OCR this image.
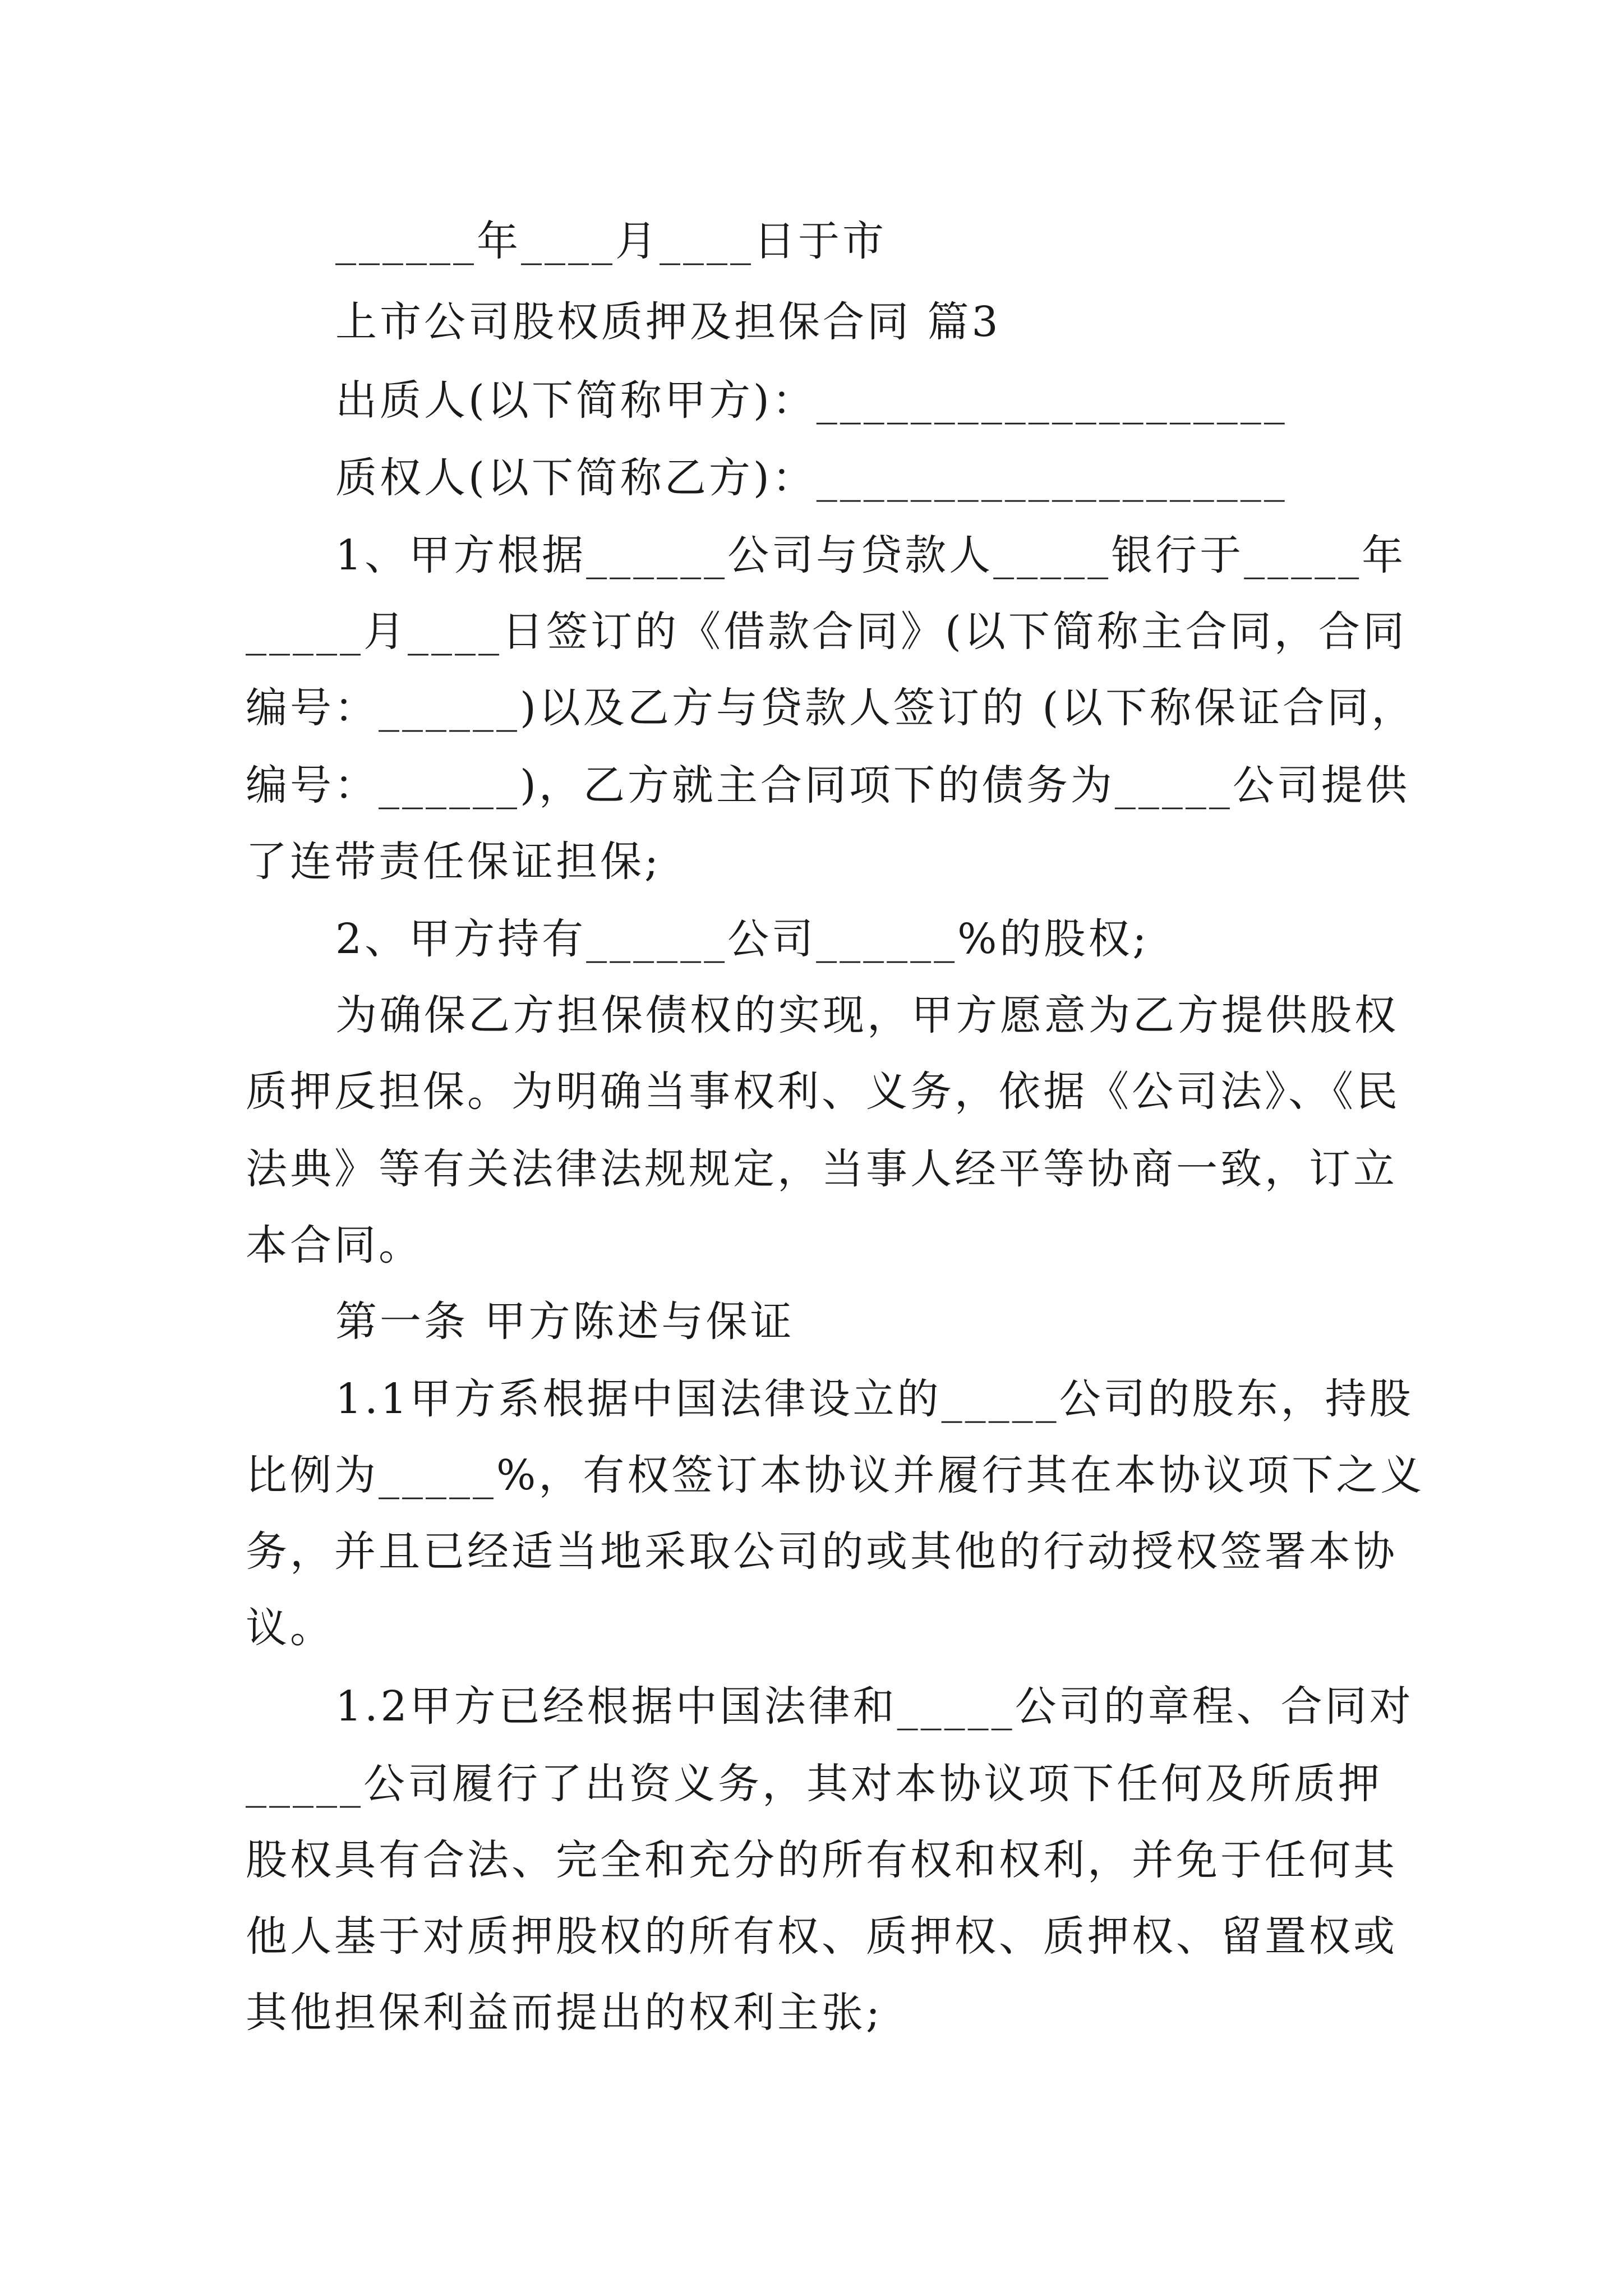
______年____月____日于市
上市公司股权质押及担保合同 篇3
出质人(以下简称甲方)：____________________
质权人(以下简称乙方)：____________________
1、甲方根据______公司与贷款人_____银行于_____年
_____月____日签订的《借款合同》(以下简称主合同，合同
编号：______)以及乙方与贷款人签订的 (以下称保证合同，
编号：______)，乙方就主合同项下的债务为_____公司提供
了连带责任保证担保;
2、甲方持有______公司______%的股权;
为确保乙方担保债权的实现，甲方愿意为乙方提供股权
质押反担保。为明确当事权利、义务，依据《公司法》、《民
法典》等有关法律法规规定，当事人经平等协商一致，订立
本合同。
第一条 甲方陈述与保证
1.1甲方系根据中国法律设立的_____公司的股东，持股
比例为_____%，有权签订本协议并履行其在本协议项下之义
务，并且已经适当地采取公司的或其他的行动授权签署本协
议。
1.2甲方已经根据中国法律和_____公司的章程、合同对
_____公司履行了出资义务，其对本协议项下任何及所质押
股权具有合法、完全和充分的所有权和权利，并免于任何其
他人基于对质押股权的所有权、质押权、质押权、留置权或
其他担保利益而提出的权利主张;
